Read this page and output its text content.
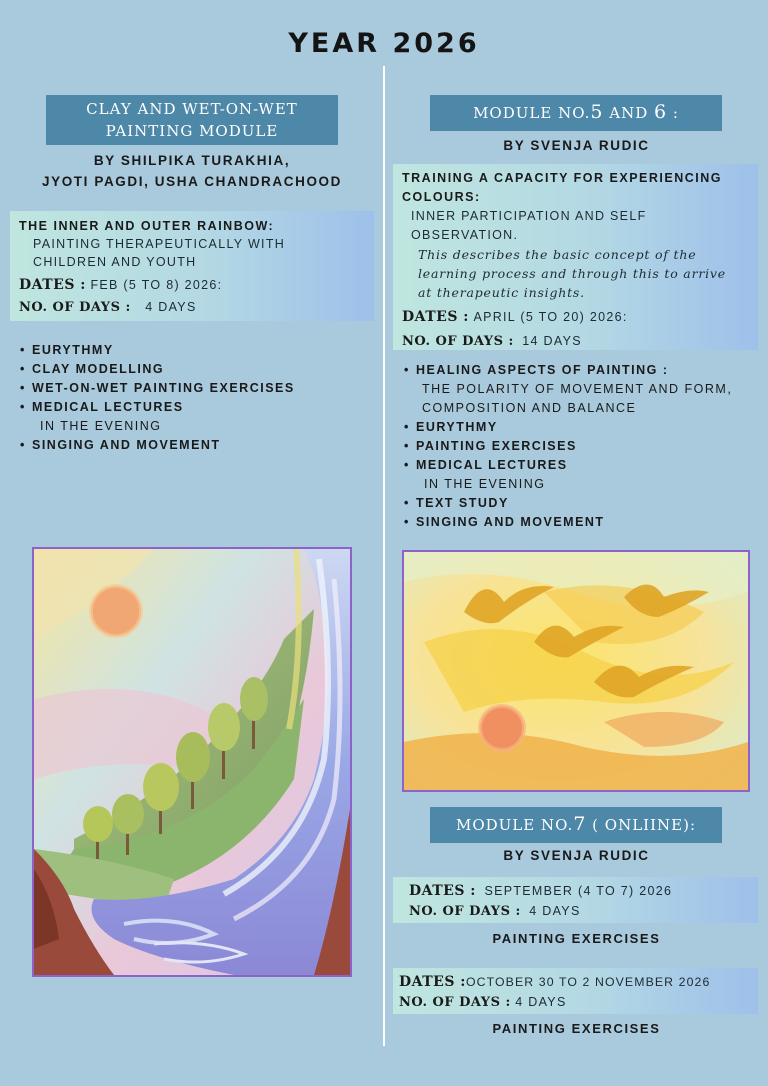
YEAR 2026
CLAY AND WET-ON-WET
PAINTING MODULE
BY SHILPIKA TURAKHIA,
JYOTI PAGDI, USHA CHANDRACHOOD
THE INNER AND OUTER RAINBOW:
PAINTING THERAPEUTICALLY WITH
CHILDREN AND YOUTH
DATES : FEB (5 TO 8) 2026:
NO. OF DAYS : 4 DAYS
• EURYTHMY
• CLAY MODELLING
• WET-ON-WET PAINTING EXERCISES
• MEDICAL LECTURES
IN THE EVENING
• SINGING AND MOVEMENT
MODULE NO.5 AND 6 :
BY SVENJA RUDIC
TRAINING A CAPACITY FOR EXPERIENCING
COLOURS:
INNER PARTICIPATION AND SELF
OBSERVATION.
This describes the basic concept of the
learning process and through this to arrive
at therapeutic insights.
DATES : APRIL (5 TO 20) 2026:
NO. OF DAYS : 14 DAYS
• HEALING ASPECTS OF PAINTING :
THE POLARITY OF MOVEMENT AND FORM,
COMPOSITION AND BALANCE
• EURYTHMY
• PAINTING EXERCISES
• MEDICAL LECTURES
IN THE EVENING
• TEXT STUDY
• SINGING AND MOVEMENT
MODULE NO.7 ( ONLIINE):
BY SVENJA RUDIC
DATES : SEPTEMBER (4 TO 7) 2026
NO. OF DAYS : 4 DAYS
PAINTING EXERCISES
DATES :OCTOBER 30 TO 2 NOVEMBER 2026
NO. OF DAYS : 4 DAYS
PAINTING EXERCISES
